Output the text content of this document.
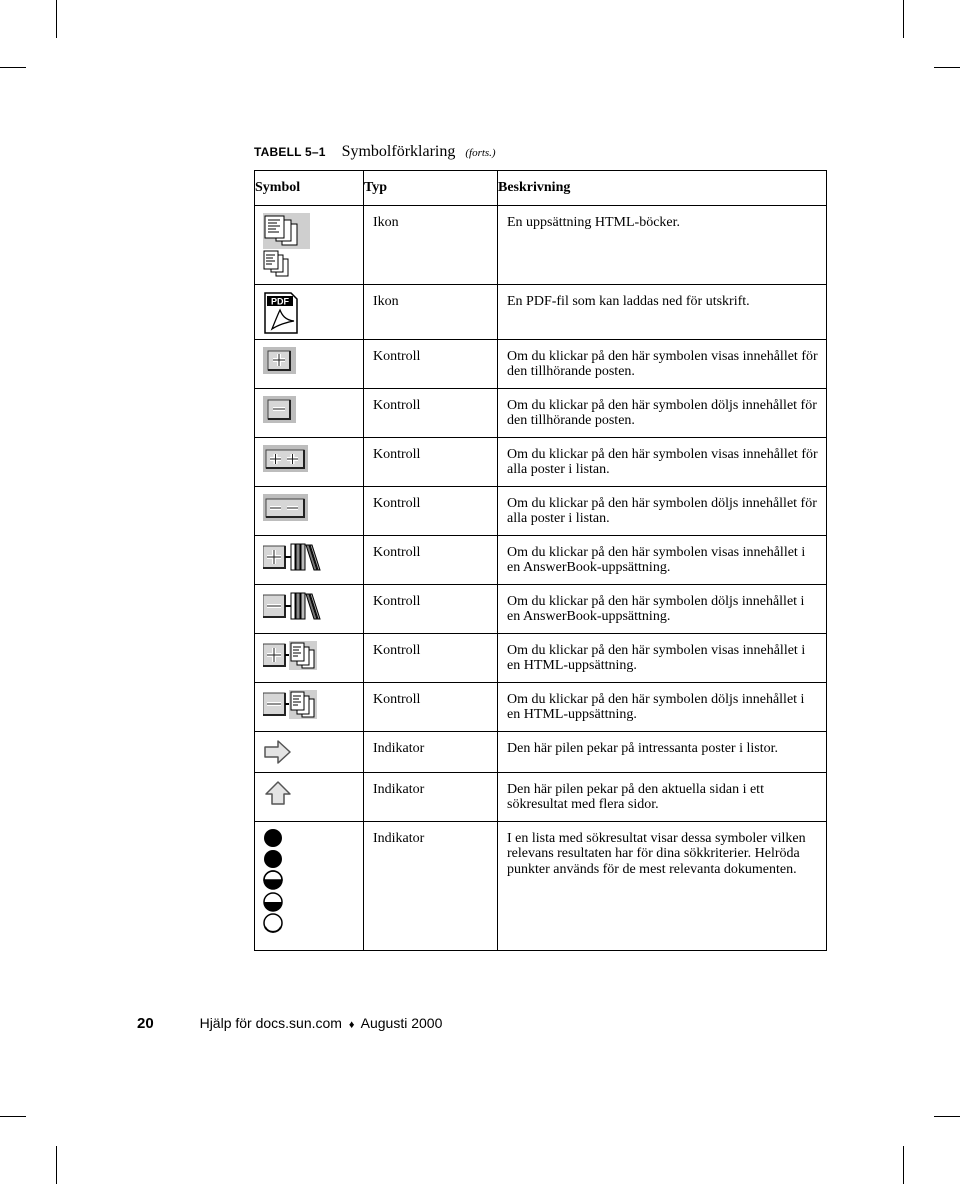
TABELL 5–1 Symbolförklaring (forts.)
Symbol	Typ	Beskrivning

Ikon	En uppsättning HTML-böcker.

PDF	Ikon	En PDF-fil som kan laddas ned för utskrift.

Kontroll	Om du klickar på den här symbolen visas innehållet för den tillhörande posten.

Kontroll	Om du klickar på den här symbolen döljs innehållet för den tillhörande posten.

Kontroll	Om du klickar på den här symbolen visas innehållet för alla poster i listan.

Kontroll	Om du klickar på den här symbolen döljs innehållet för alla poster i listan.

Kontroll	Om du klickar på den här symbolen visas innehållet i en AnswerBook-uppsättning.

Kontroll	Om du klickar på den här symbolen döljs innehållet i en AnswerBook-uppsättning.

Kontroll	Om du klickar på den här symbolen visas innehållet i en HTML-uppsättning.

Kontroll	Om du klickar på den här symbolen döljs innehållet i en HTML-uppsättning.

Indikator	Den här pilen pekar på intressanta poster i listor.

Indikator	Den här pilen pekar på den aktuella sidan i ett sökresultat med flera sidor.

Indikator	I en lista med sökresultat visar dessa symboler vilken relevans resultaten har för dina sökkriterier. Helröda punkter används för de mest relevanta dokumenten.
20	Hjälp för docs.sun.com ♦ Augusti 2000
